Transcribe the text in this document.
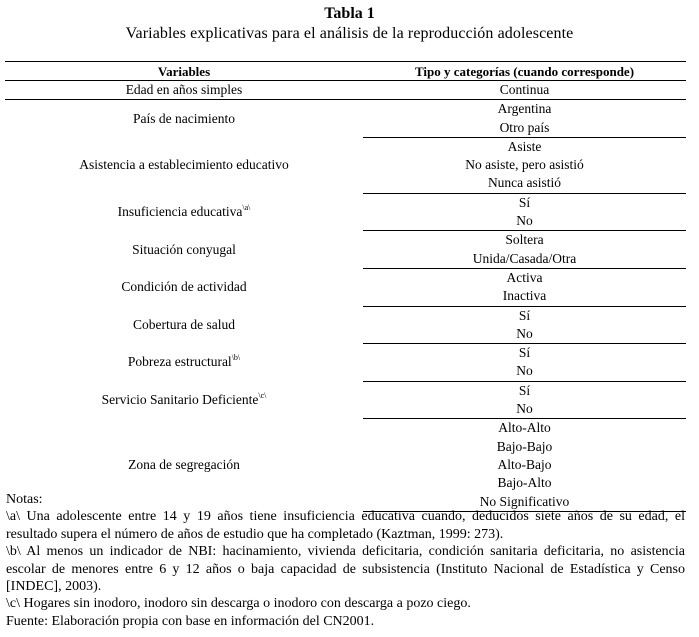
Tabla 1
Variables explicativas para el análisis de la reproducción adolescente
Variables	Tipo y categorías (cuando corresponde)
Edad en años simples	Continua

País de nacimiento	Argentina

	Otro país

Asistencia a establecimiento educativo	Asiste

	No asiste, pero asistió

	Nunca asistió

Insuficiencia educativa$^{\backslash a\backslash}$	Sí

	No

Situación conyugal	Soltera

	Unida/Casada/Otra

Condición de actividad	Activa

	Inactiva

Cobertura de salud	Sí

	No

Pobreza estructural$^{\backslash b\backslash}$	Sí

	No

Servicio Sanitario Deficiente$^{\backslash c\backslash}$	Sí

	No

Zona de segregación	Alto-Alto

	Bajo-Bajo

	Alto-Bajo

	Bajo-Alto

	No Significativo

Notas:

\a\ Una adolescente entre 14 y 19 años tiene insuficiencia educativa cuando, deducidos siete años de su edad, el resultado supera el número de años de estudio que ha completado (Kaztman, 1999: 273).

\b\ Al menos un indicador de NBI: hacinamiento, vivienda deficitaria, condición sanitaria deficitaria, no asistencia escolar de menores entre 6 y 12 años o baja capacidad de subsistencia (Instituto Nacional de Estadística y Censo [INDEC], 2003).

\c\ Hogares sin inodoro, inodoro sin descarga o inodoro con descarga a pozo ciego.

Fuente: Elaboración propia con base en información del CN2001.
